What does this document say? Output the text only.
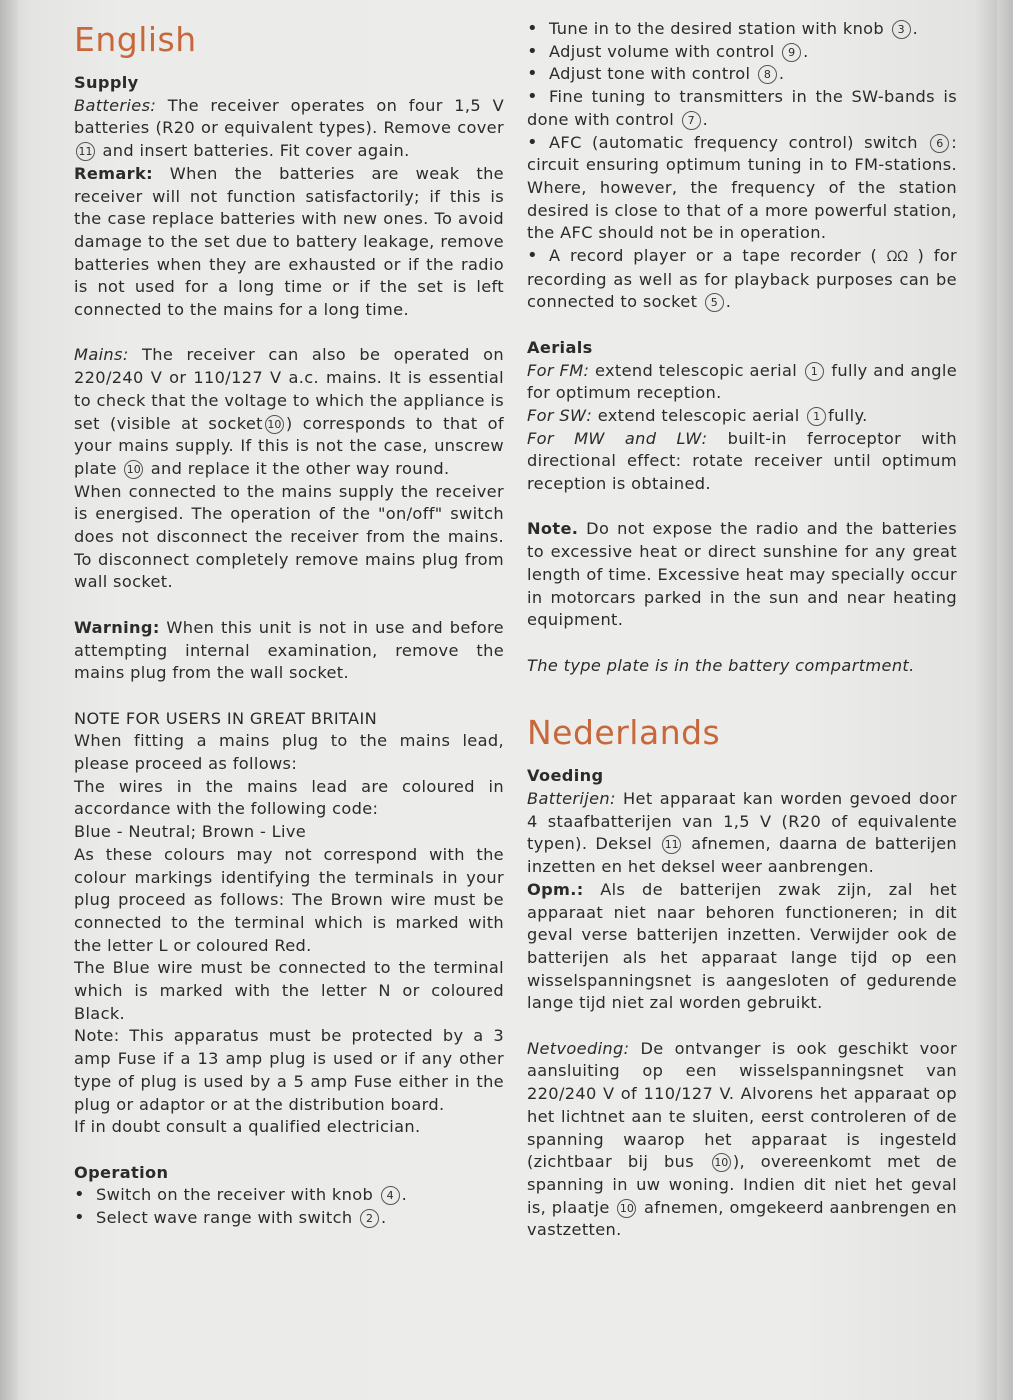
English

Supply

Batteries: The receiver operates on four 1,5 V batteries (R20 or equivalent types). Remove cover 11 and insert batteries. Fit cover again.

Remark: When the batteries are weak the receiver will not function satisfactorily; if this is the case replace batteries with new ones. To avoid damage to the set due to battery leakage, remove batteries when they are exhausted or if the radio is not used for a long time or if the set is left connected to the mains for a long time.

Mains: The receiver can also be operated on 220/240 V or 110/127 V a.c. mains. It is essential to check that the voltage to which the appliance is set (visible at socket 10 ) corresponds to that of your mains supply. If this is not the case, unscrew plate 10 and replace it the other way round.

When connected to the mains supply the receiver is energised. The operation of the "on/off" switch does not disconnect the receiver from the mains. To disconnect completely remove mains plug from wall socket.

Warning: When this unit is not in use and before attempting internal examination, remove the mains plug from the wall socket.

NOTE FOR USERS IN GREAT BRITAIN

When fitting a mains plug to the mains lead, please proceed as follows:

The wires in the mains lead are coloured in accordance with the following code:

Blue - Neutral; Brown - Live

As these colours may not correspond with the colour markings identifying the terminals in your plug proceed as follows: The Brown wire must be connected to the terminal which is marked with the letter L or coloured Red.

The Blue wire must be connected to the terminal which is marked with the letter N or coloured Black.

Note: This apparatus must be protected by a 3 amp Fuse if a 13 amp plug is used or if any other type of plug is used by a 5 amp Fuse either in the plug or adaptor or at the distribution board.

If in doubt consult a qualified electrician.

Operation

• Switch on the receiver with knob 4 .

• Select wave range with switch 2 .

• Tune in to the desired station with knob 3 .

• Adjust volume with control 9 .

• Adjust tone with control 8 .

• Fine tuning to transmitters in the SW-bands is done with control 7 .

• AFC (automatic frequency control) switch 6 : circuit ensuring optimum tuning in to FM-stations. Where, however, the frequency of the station desired is close to that of a more powerful station, the AFC should not be in operation.

• A record player or a tape recorder ( ᘯᘯ ) for recording as well as for playback purposes can be connected to socket 5 .

Aerials

For FM: extend telescopic aerial 1 fully and angle for optimum reception.

For SW: extend telescopic aerial 1 fully.

For MW and LW: built-in ferroceptor with directional effect: rotate receiver until optimum reception is obtained.

Note. Do not expose the radio and the batteries to excessive heat or direct sunshine for any great length of time. Excessive heat may specially occur in motorcars parked in the sun and near heating equipment.

The type plate is in the battery compartment.

Nederlands

Voeding

Batterijen: Het apparaat kan worden gevoed door 4 staafbatterijen van 1,5 V (R20 of equivalente typen). Deksel 11 afnemen, daarna de batterijen inzetten en het deksel weer aanbrengen.

Opm.: Als de batterijen zwak zijn, zal het apparaat niet naar behoren functioneren; in dit geval verse batterijen inzetten. Verwijder ook de batterijen als het apparaat lange tijd op een wisselspanningsnet is aangesloten of gedurende lange tijd niet zal worden gebruikt.

Netvoeding: De ontvanger is ook geschikt voor aansluiting op een wisselspanningsnet van 220/240 V of 110/127 V. Alvorens het apparaat op het lichtnet aan te sluiten, eerst controleren of de spanning waarop het apparaat is ingesteld (zichtbaar bij bus 10 ), overeenkomt met de spanning in uw woning. Indien dit niet het geval is, plaatje 10 afnemen, omgekeerd aanbrengen en vastzetten.
